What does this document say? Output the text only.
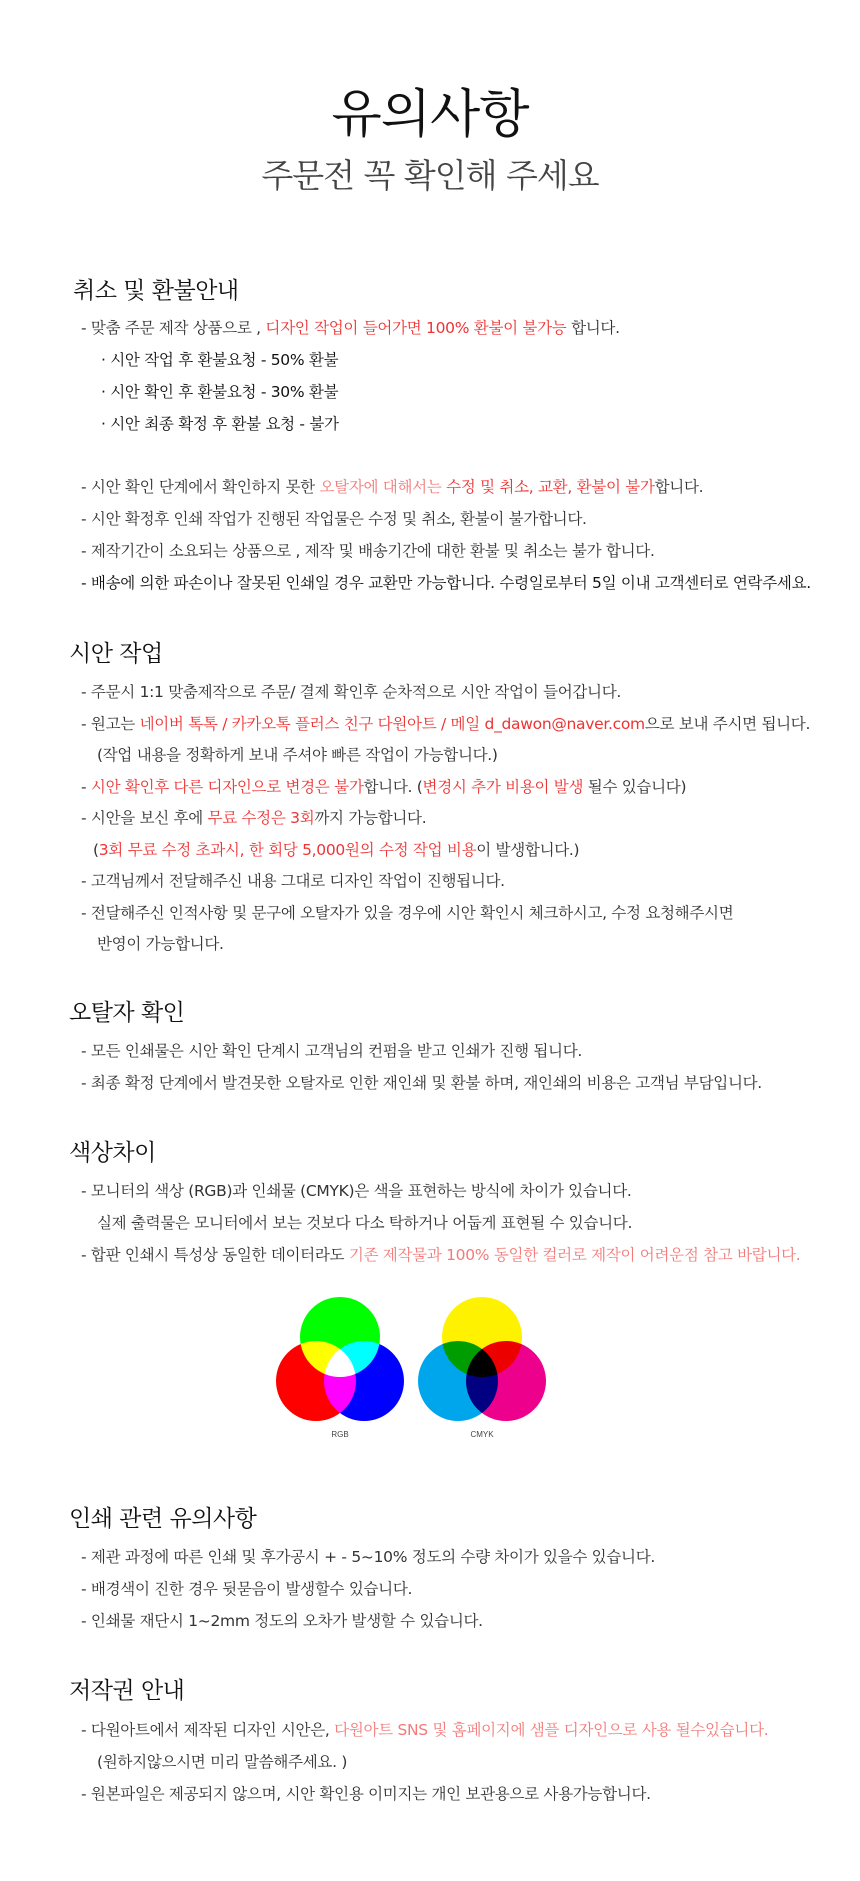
유의사항
주문전 꼭 확인해 주세요
취소 및 환불안내
- 맞춤 주문 제작 상품으로 , 디자인 작업이 들어가면 100% 환불이 불가능 합니다.
· 시안 작업 후 환불요청 - 50% 환불
· 시안 확인 후 환불요청 - 30% 환불
· 시안 최종 확정 후 환불 요청 - 불가
- 시안 확인 단계에서 확인하지 못한 오탈자에 대해서는 수정 및 취소, 교환, 환불이 불가합니다.
- 시안 확정후 인쇄 작업가 진행된 작업물은 수정 및 취소, 환불이 불가합니다.
- 제작기간이 소요되는 상품으로 , 제작 및 배송기간에 대한 환불 및 취소는 불가 합니다.
- 배송에 의한 파손이나 잘못된 인쇄일 경우 교환만 가능합니다. 수령일로부터 5일 이내 고객센터로 연락주세요.
시안 작업
- 주문시 1:1 맞춤제작으로 주문/ 결제 확인후 순차적으로 시안 작업이 들어갑니다.
- 원고는 네이버 톡톡 / 카카오톡 플러스 친구 다원아트 / 메일 d_dawon@naver.com으로 보내 주시면 됩니다.
(작업 내용을 정확하게 보내 주셔야 빠른 작업이 가능합니다.)
- 시안 확인후 다른 디자인으로 변경은 불가합니다. (변경시 추가 비용이 발생 될수 있습니다)
- 시안을 보신 후에 무료 수정은 3회까지 가능합니다.
(3회 무료 수정 초과시, 한 회당 5,000원의 수정 작업 비용이 발생합니다.)
- 고객님께서 전달해주신 내용 그대로 디자인 작업이 진행됩니다.
- 전달해주신 인적사항 및 문구에 오탈자가 있을 경우에 시안 확인시 체크하시고, 수정 요청해주시면
반영이 가능합니다.
오탈자 확인
- 모든 인쇄물은 시안 확인 단계시 고객님의 컨펌을 받고 인쇄가 진행 됩니다.
- 최종 확정 단계에서 발견못한 오탈자로 인한 재인쇄 및 환불 하며, 재인쇄의 비용은 고객님 부담입니다.
색상차이
- 모니터의 색상 (RGB)과 인쇄물 (CMYK)은 색을 표현하는 방식에 차이가 있습니다.
실제 출력물은 모니터에서 보는 것보다 다소 탁하거나 어둡게 표현될 수 있습니다.
- 합판 인쇄시 특성상 동일한 데이터라도 기존 제작물과 100% 동일한 컬러로 제작이 어려운점 참고 바랍니다.
RGB	CMYK
인쇄 관련 유의사항
- 제관 과정에 따른 인쇄 및 후가공시 + - 5~10% 정도의 수량 차이가 있을수 있습니다.
- 배경색이 진한 경우 뒷묻음이 발생할수 있습니다.
- 인쇄물 재단시 1~2mm 정도의 오차가 발생할 수 있습니다.
저작권 안내
- 다원아트에서 제작된 디자인 시안은, 다원아트 SNS 및 홈페이지에 샘플 디자인으로 사용 될수있습니다.
(원하지않으시면 미리 말씀해주세요. )
- 원본파일은 제공되지 않으며, 시안 확인용 이미지는 개인 보관용으로 사용가능합니다.
